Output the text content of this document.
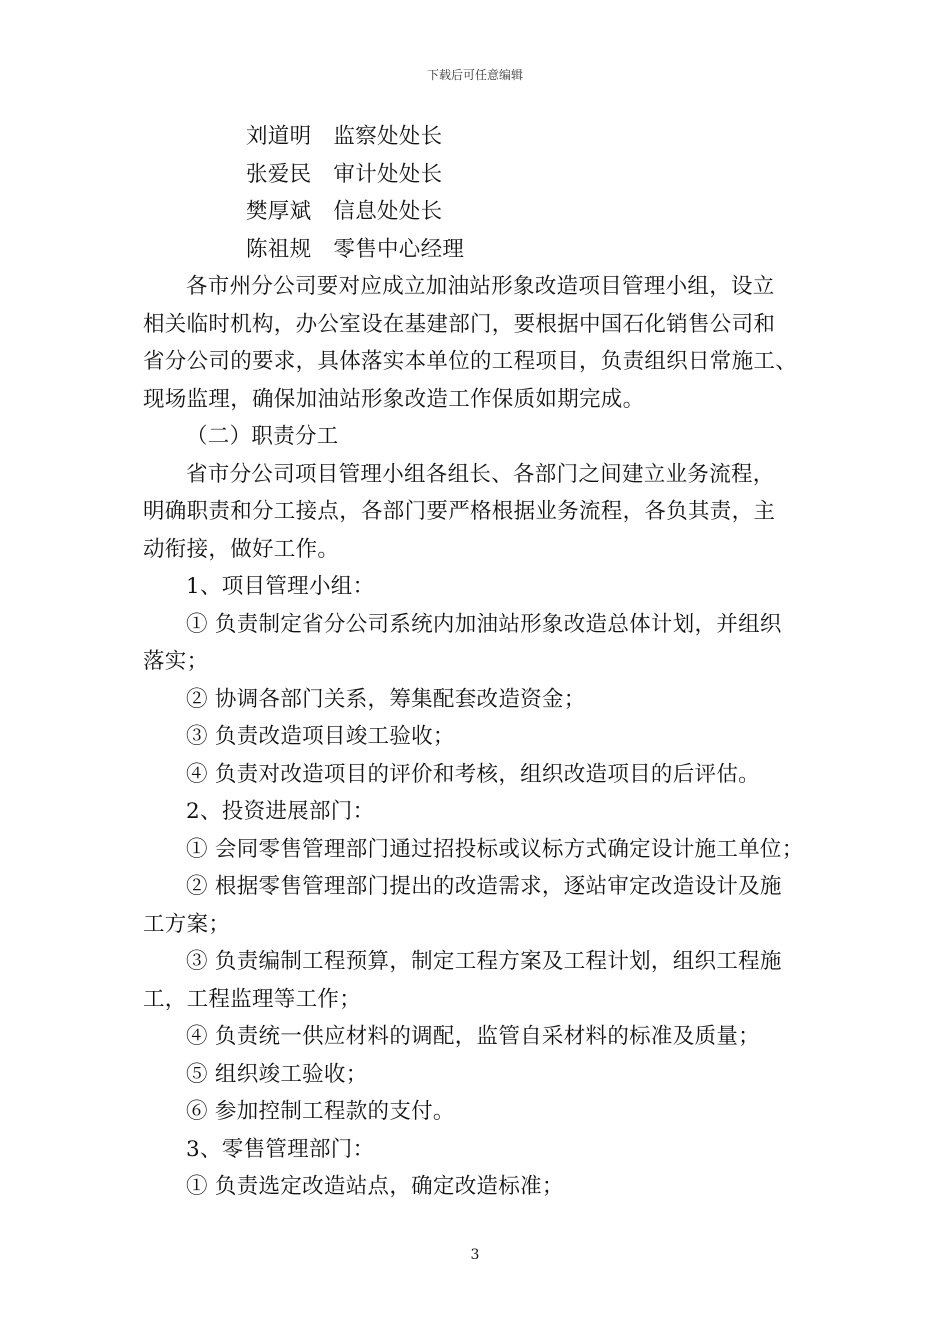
下载后可任意编辑
刘道明 监察处处长
张爱民 审计处处长
樊厚斌 信息处处长
陈祖规 零售中心经理
各市州分公司要对应成立加油站形象改造项目管理小组，设立
相关临时机构，办公室设在基建部门，要根据中国石化销售公司和
省分公司的要求，具体落实本单位的工程项目，负责组织日常施工、
现场监理，确保加油站形象改造工作保质如期完成。
（二）职责分工
省市分公司项目管理小组各组长、各部门之间建立业务流程，
明确职责和分工接点，各部门要严格根据业务流程，各负其责，主
动衔接，做好工作。
1、项目管理小组：
① 负责制定省分公司系统内加油站形象改造总体计划，并组织
落实；
② 协调各部门关系，筹集配套改造资金；
③ 负责改造项目竣工验收；
④ 负责对改造项目的评价和考核，组织改造项目的后评估。
2、投资进展部门：
① 会同零售管理部门通过招投标或议标方式确定设计施工单位；
② 根据零售管理部门提出的改造需求，逐站审定改造设计及施
工方案；
③ 负责编制工程预算，制定工程方案及工程计划，组织工程施
工，工程监理等工作；
④ 负责统一供应材料的调配，监管自采材料的标准及质量；
⑤ 组织竣工验收；
⑥ 参加控制工程款的支付。
3、零售管理部门：
① 负责选定改造站点，确定改造标准；
3
